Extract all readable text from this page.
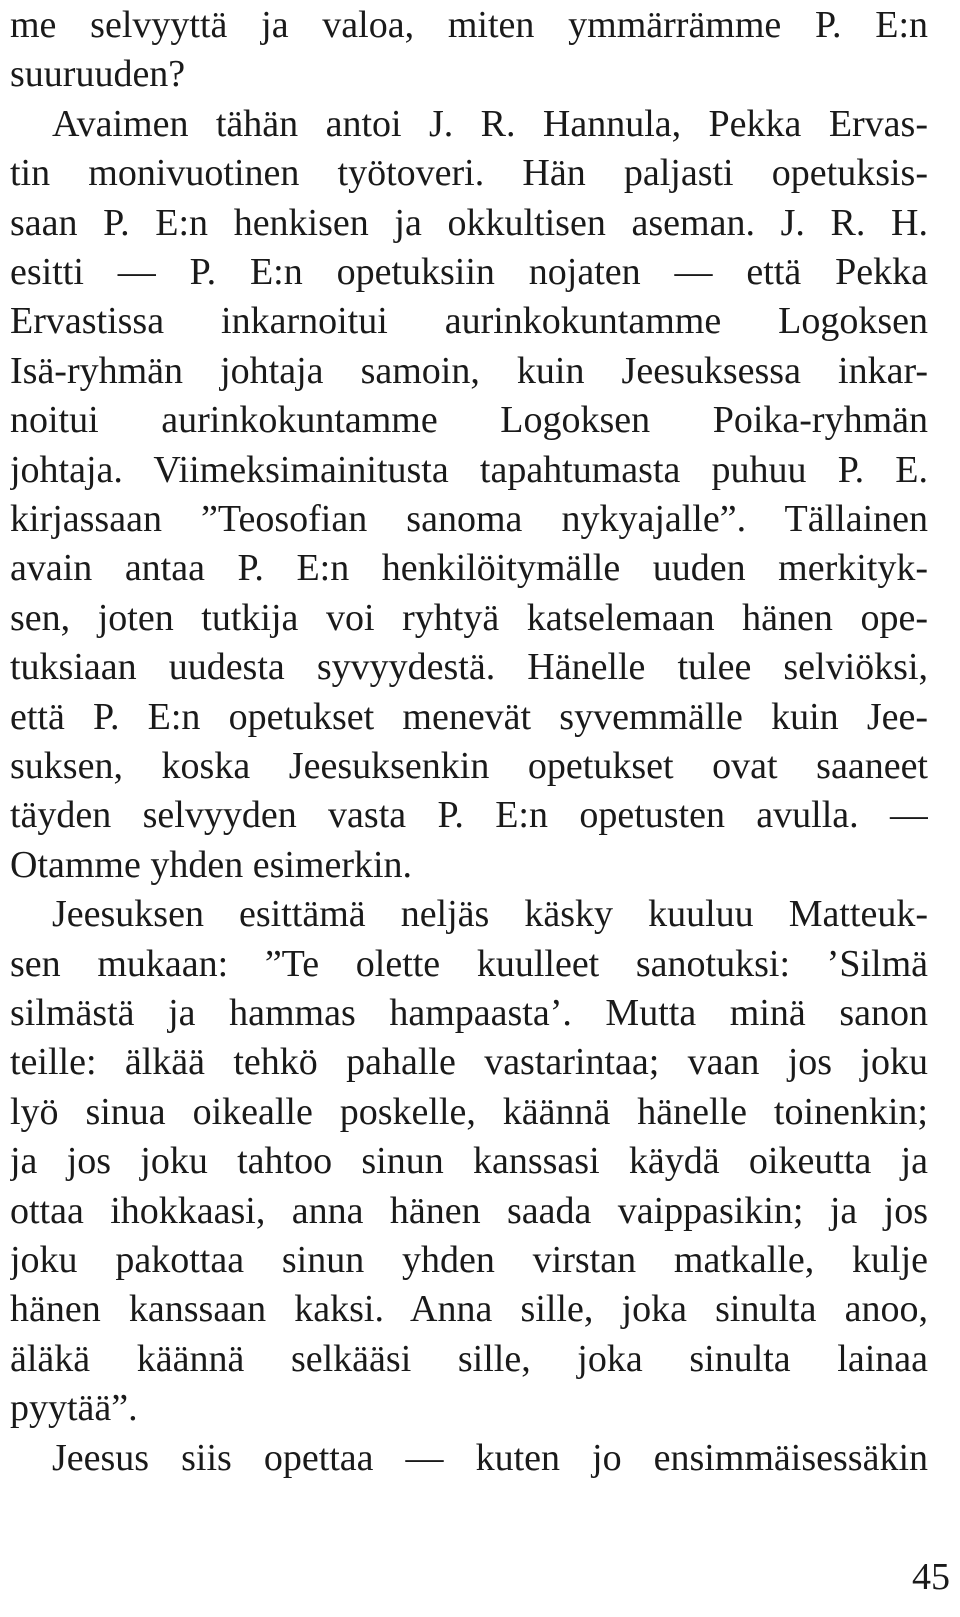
me selvyyttä ja valoa, miten ymmärrämme P. E:n
suuruuden?
Avaimen tähän antoi J. R. Hannula, Pekka Ervas-
tin monivuotinen työtoveri. Hän paljasti opetuksis-
saan P. E:n henkisen ja okkultisen aseman. J. R. H.
esitti — P. E:n opetuksiin nojaten — että Pekka
Ervastissa inkarnoitui aurinkokuntamme Logoksen
Isä-ryhmän johtaja samoin, kuin Jeesuksessa inkar-
noitui aurinkokuntamme Logoksen Poika-ryhmän
johtaja. Viimeksimainitusta tapahtumasta puhuu P. E.
kirjassaan ”Teosofian sanoma nykyajalle”. Tällainen
avain antaa P. E:n henkilöitymälle uuden merkityk-
sen, joten tutkija voi ryhtyä katselemaan hänen ope-
tuksiaan uudesta syvyydestä. Hänelle tulee selviöksi,
että P. E:n opetukset menevät syvemmälle kuin Jee-
suksen, koska Jeesuksenkin opetukset ovat saaneet
täyden selvyyden vasta P. E:n opetusten avulla. —
Otamme yhden esimerkin.
Jeesuksen esittämä neljäs käsky kuuluu Matteuk-
sen mukaan: ”Te olette kuulleet sanotuksi: ’Silmä
silmästä ja hammas hampaasta’. Mutta minä sanon
teille: älkää tehkö pahalle vastarintaa; vaan jos joku
lyö sinua oikealle poskelle, käännä hänelle toinenkin;
ja jos joku tahtoo sinun kanssasi käydä oikeutta ja
ottaa ihokkaasi, anna hänen saada vaippasikin; ja jos
joku pakottaa sinun yhden virstan matkalle, kulje
hänen kanssaan kaksi. Anna sille, joka sinulta anoo,
äläkä käännä selkääsi sille, joka sinulta lainaa
pyytää”.
Jeesus siis opettaa — kuten jo ensimmäisessäkin
45
